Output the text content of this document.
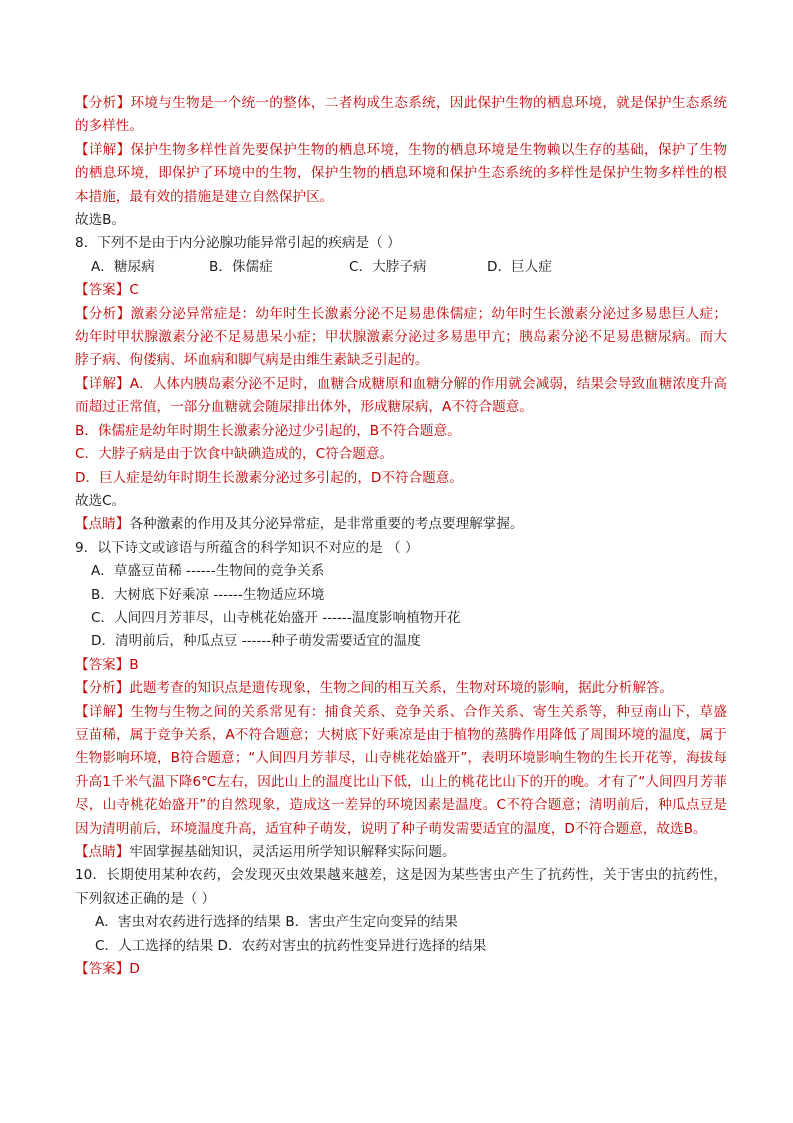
【分析】环境与生物是一个统一的整体，二者构成生态系统，因此保护生物的栖息环境，就是保护生态系统的多样性。

【详解】保护生物多样性首先要保护生物的栖息环境，生物的栖息环境是生物赖以生存的基础，保护了生物的栖息环境，即保护了环境中的生物，保护生物的栖息环境和保护生态系统的多样性是保护生物多样性的根本措施，最有效的措施是建立自然保护区。

故选B。

8．下列不是由于内分泌腺功能异常引起的疾病是（ ）

A．糖尿病	B．侏儒症	C．大脖子病	D．巨人症

【答案】C

【分析】激素分泌异常症是：幼年时生长激素分泌不足易患侏儒症；幼年时生长激素分泌过多易患巨人症；幼年时甲状腺激素分泌不足易患呆小症；甲状腺激素分泌过多易患甲亢；胰岛素分泌不足易患糖尿病。而大脖子病、佝偻病、坏血病和脚气病是由维生素缺乏引起的。

【详解】A．人体内胰岛素分泌不足时，血糖合成糖原和血糖分解的作用就会减弱，结果会导致血糖浓度升高而超过正常值，一部分血糖就会随尿排出体外，形成糖尿病，A不符合题意。

B．侏儒症是幼年时期生长激素分泌过少引起的，B不符合题意。

C．大脖子病是由于饮食中缺碘造成的，C符合题意。

D．巨人症是幼年时期生长激素分泌过多引起的，D不符合题意。

故选C。

【点睛】各种激素的作用及其分泌异常症，是非常重要的考点要理解掌握。

9．以下诗文或谚语与所蕴含的科学知识不对应的是 （ ）

A．草盛豆苗稀 ------生物间的竞争关系
B．大树底下好乘凉 ------生物适应环境
C．人间四月芳菲尽，山寺桃花始盛开 ------温度影响植物开花
D．清明前后，种瓜点豆 ------种子萌发需要适宜的温度

【答案】B

【分析】此题考查的知识点是遗传现象，生物之间的相互关系，生物对环境的影响，据此分析解答。

【详解】生物与生物之间的关系常见有：捕食关系、竞争关系、合作关系、寄生关系等，种豆南山下，草盛豆苗稀，属于竞争关系，A不符合题意；大树底下好乘凉是由于植物的蒸腾作用降低了周围环境的温度，属于生物影响环境，B符合题意；“人间四月芳菲尽，山寺桃花始盛开”，表明环境影响生物的生长开花等，海拔每升高1千米气温下降6℃左右，因此山上的温度比山下低，山上的桃花比山下的开的晚。才有了“人间四月芳菲尽，山寺桃花始盛开”的自然现象，造成这一差异的环境因素是温度。C不符合题意；清明前后，种瓜点豆是因为清明前后，环境温度升高，适宜种子萌发，说明了种子萌发需要适宜的温度，D不符合题意，故选B。

【点睛】牢固掌握基础知识，灵活运用所学知识解释实际问题。

10．长期使用某种农药，会发现灭虫效果越来越差，这是因为某些害虫产生了抗药性，关于害虫的抗药性，下列叙述正确的是（ ）

A．害虫对农药进行选择的结果 B．害虫产生定向变异的结果
C．人工选择的结果 D．农药对害虫的抗药性变异进行选择的结果

【答案】D
